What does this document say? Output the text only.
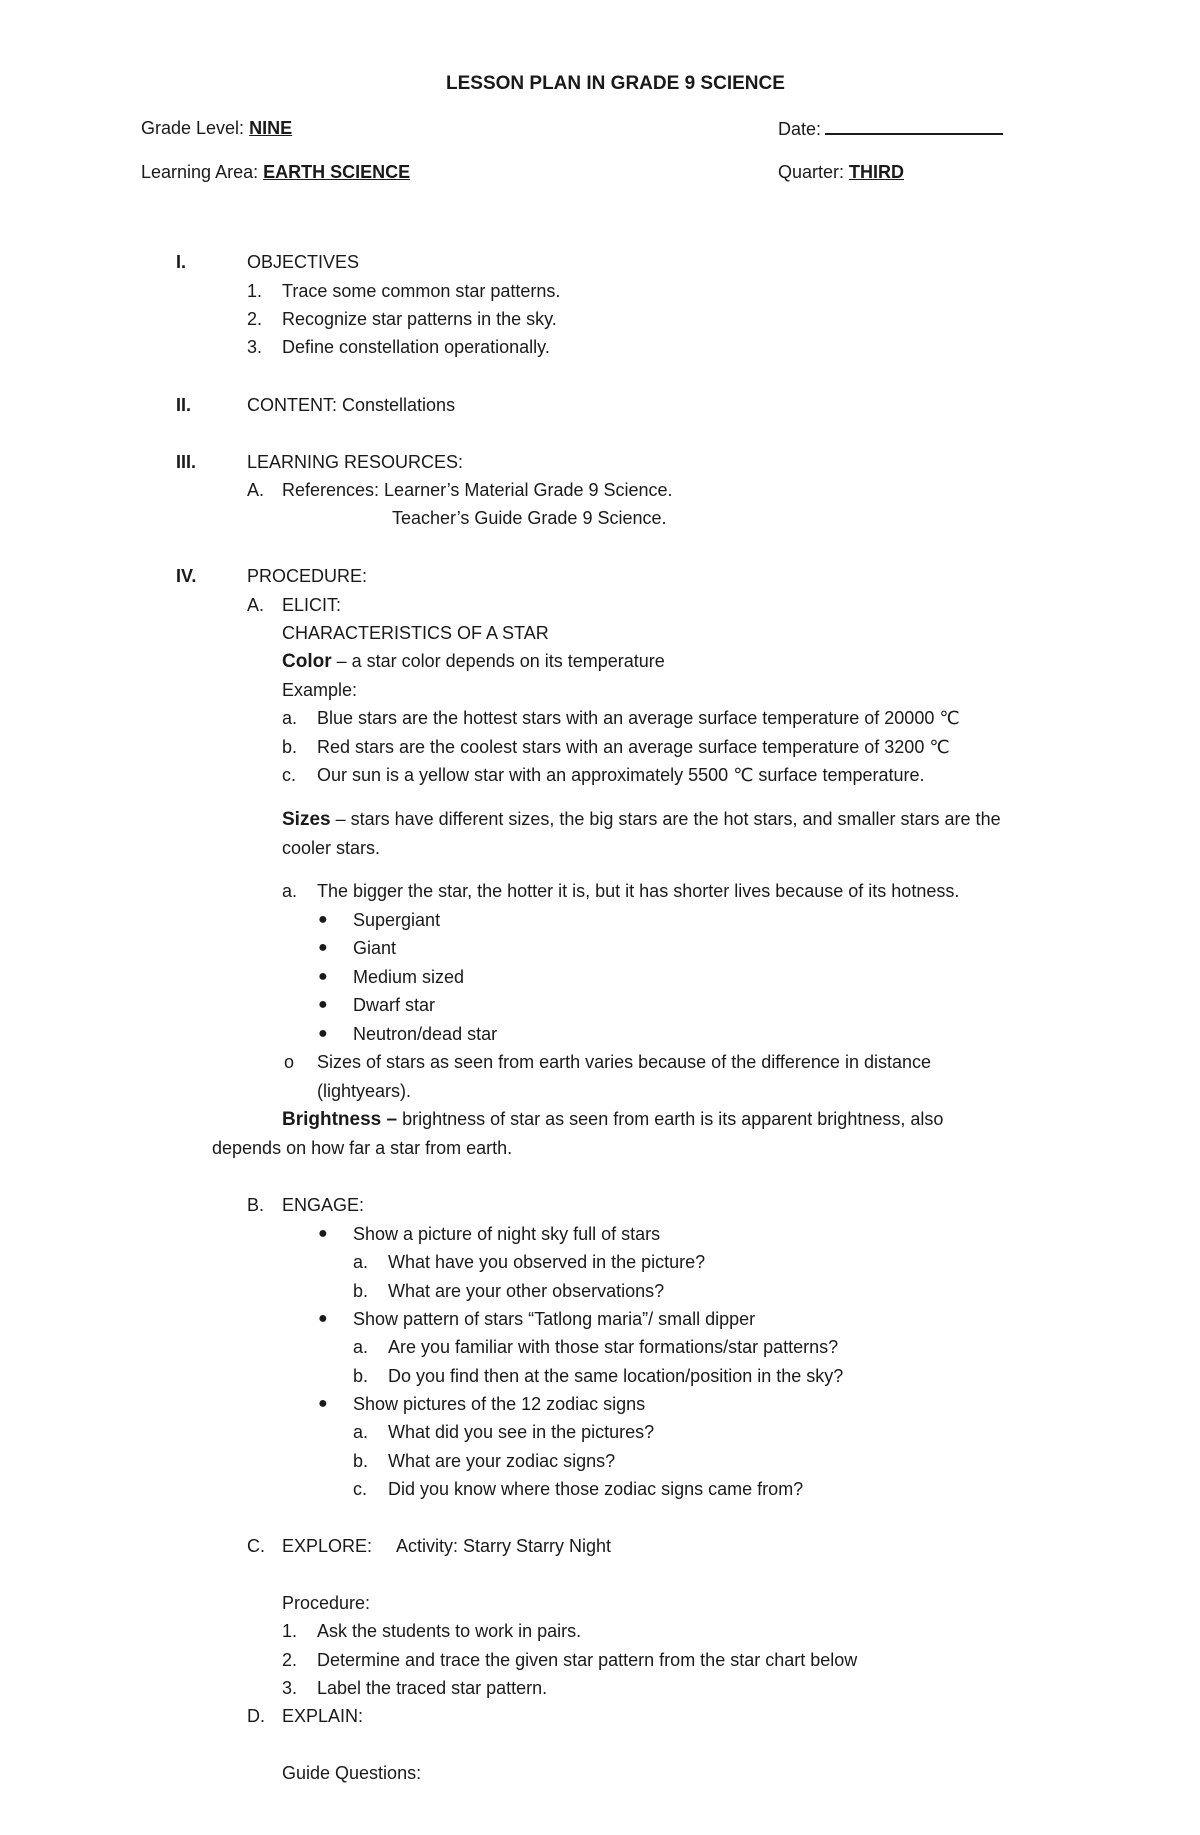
LESSON PLAN IN GRADE 9 SCIENCE
Grade Level: NINE	Date:
Learning Area: EARTH SCIENCE	Quarter: THIRD
I.	OBJECTIVES
1. Trace some common star patterns.
2. Recognize star patterns in the sky.
3. Define constellation operationally.
II.	CONTENT: Constellations
III.	LEARNING RESOURCES:
A. References: Learner’s Material Grade 9 Science.
Teacher’s Guide Grade 9 Science.
IV.	PROCEDURE:
A. ELICIT:
CHARACTERISTICS OF A STAR
Color – a star color depends on its temperature
Example:
a. Blue stars are the hottest stars with an average surface temperature of 20000 ℃
b. Red stars are the coolest stars with an average surface temperature of 3200 ℃
c. Our sun is a yellow star with an approximately 5500 ℃ surface temperature.
Sizes – stars have different sizes, the big stars are the hot stars, and smaller stars are the
cooler stars.
a. The bigger the star, the hotter it is, but it has shorter lives because of its hotness.
● Supergiant
● Giant
● Medium sized
● Dwarf star
● Neutron/dead star
o Sizes of stars as seen from earth varies because of the difference in distance
(lightyears).
Brightness – brightness of star as seen from earth is its apparent brightness, also
depends on how far a star from earth.
B. ENGAGE:
● Show a picture of night sky full of stars
a. What have you observed in the picture?
b. What are your other observations?
● Show pattern of stars “Tatlong maria”/ small dipper
a. Are you familiar with those star formations/star patterns?
b. Do you find then at the same location/position in the sky?
● Show pictures of the 12 zodiac signs
a. What did you see in the pictures?
b. What are your zodiac signs?
c. Did you know where those zodiac signs came from?
C. EXPLORE: Activity: Starry Starry Night
Procedure:
1. Ask the students to work in pairs.
2. Determine and trace the given star pattern from the star chart below
3. Label the traced star pattern.
D. EXPLAIN:
Guide Questions:
